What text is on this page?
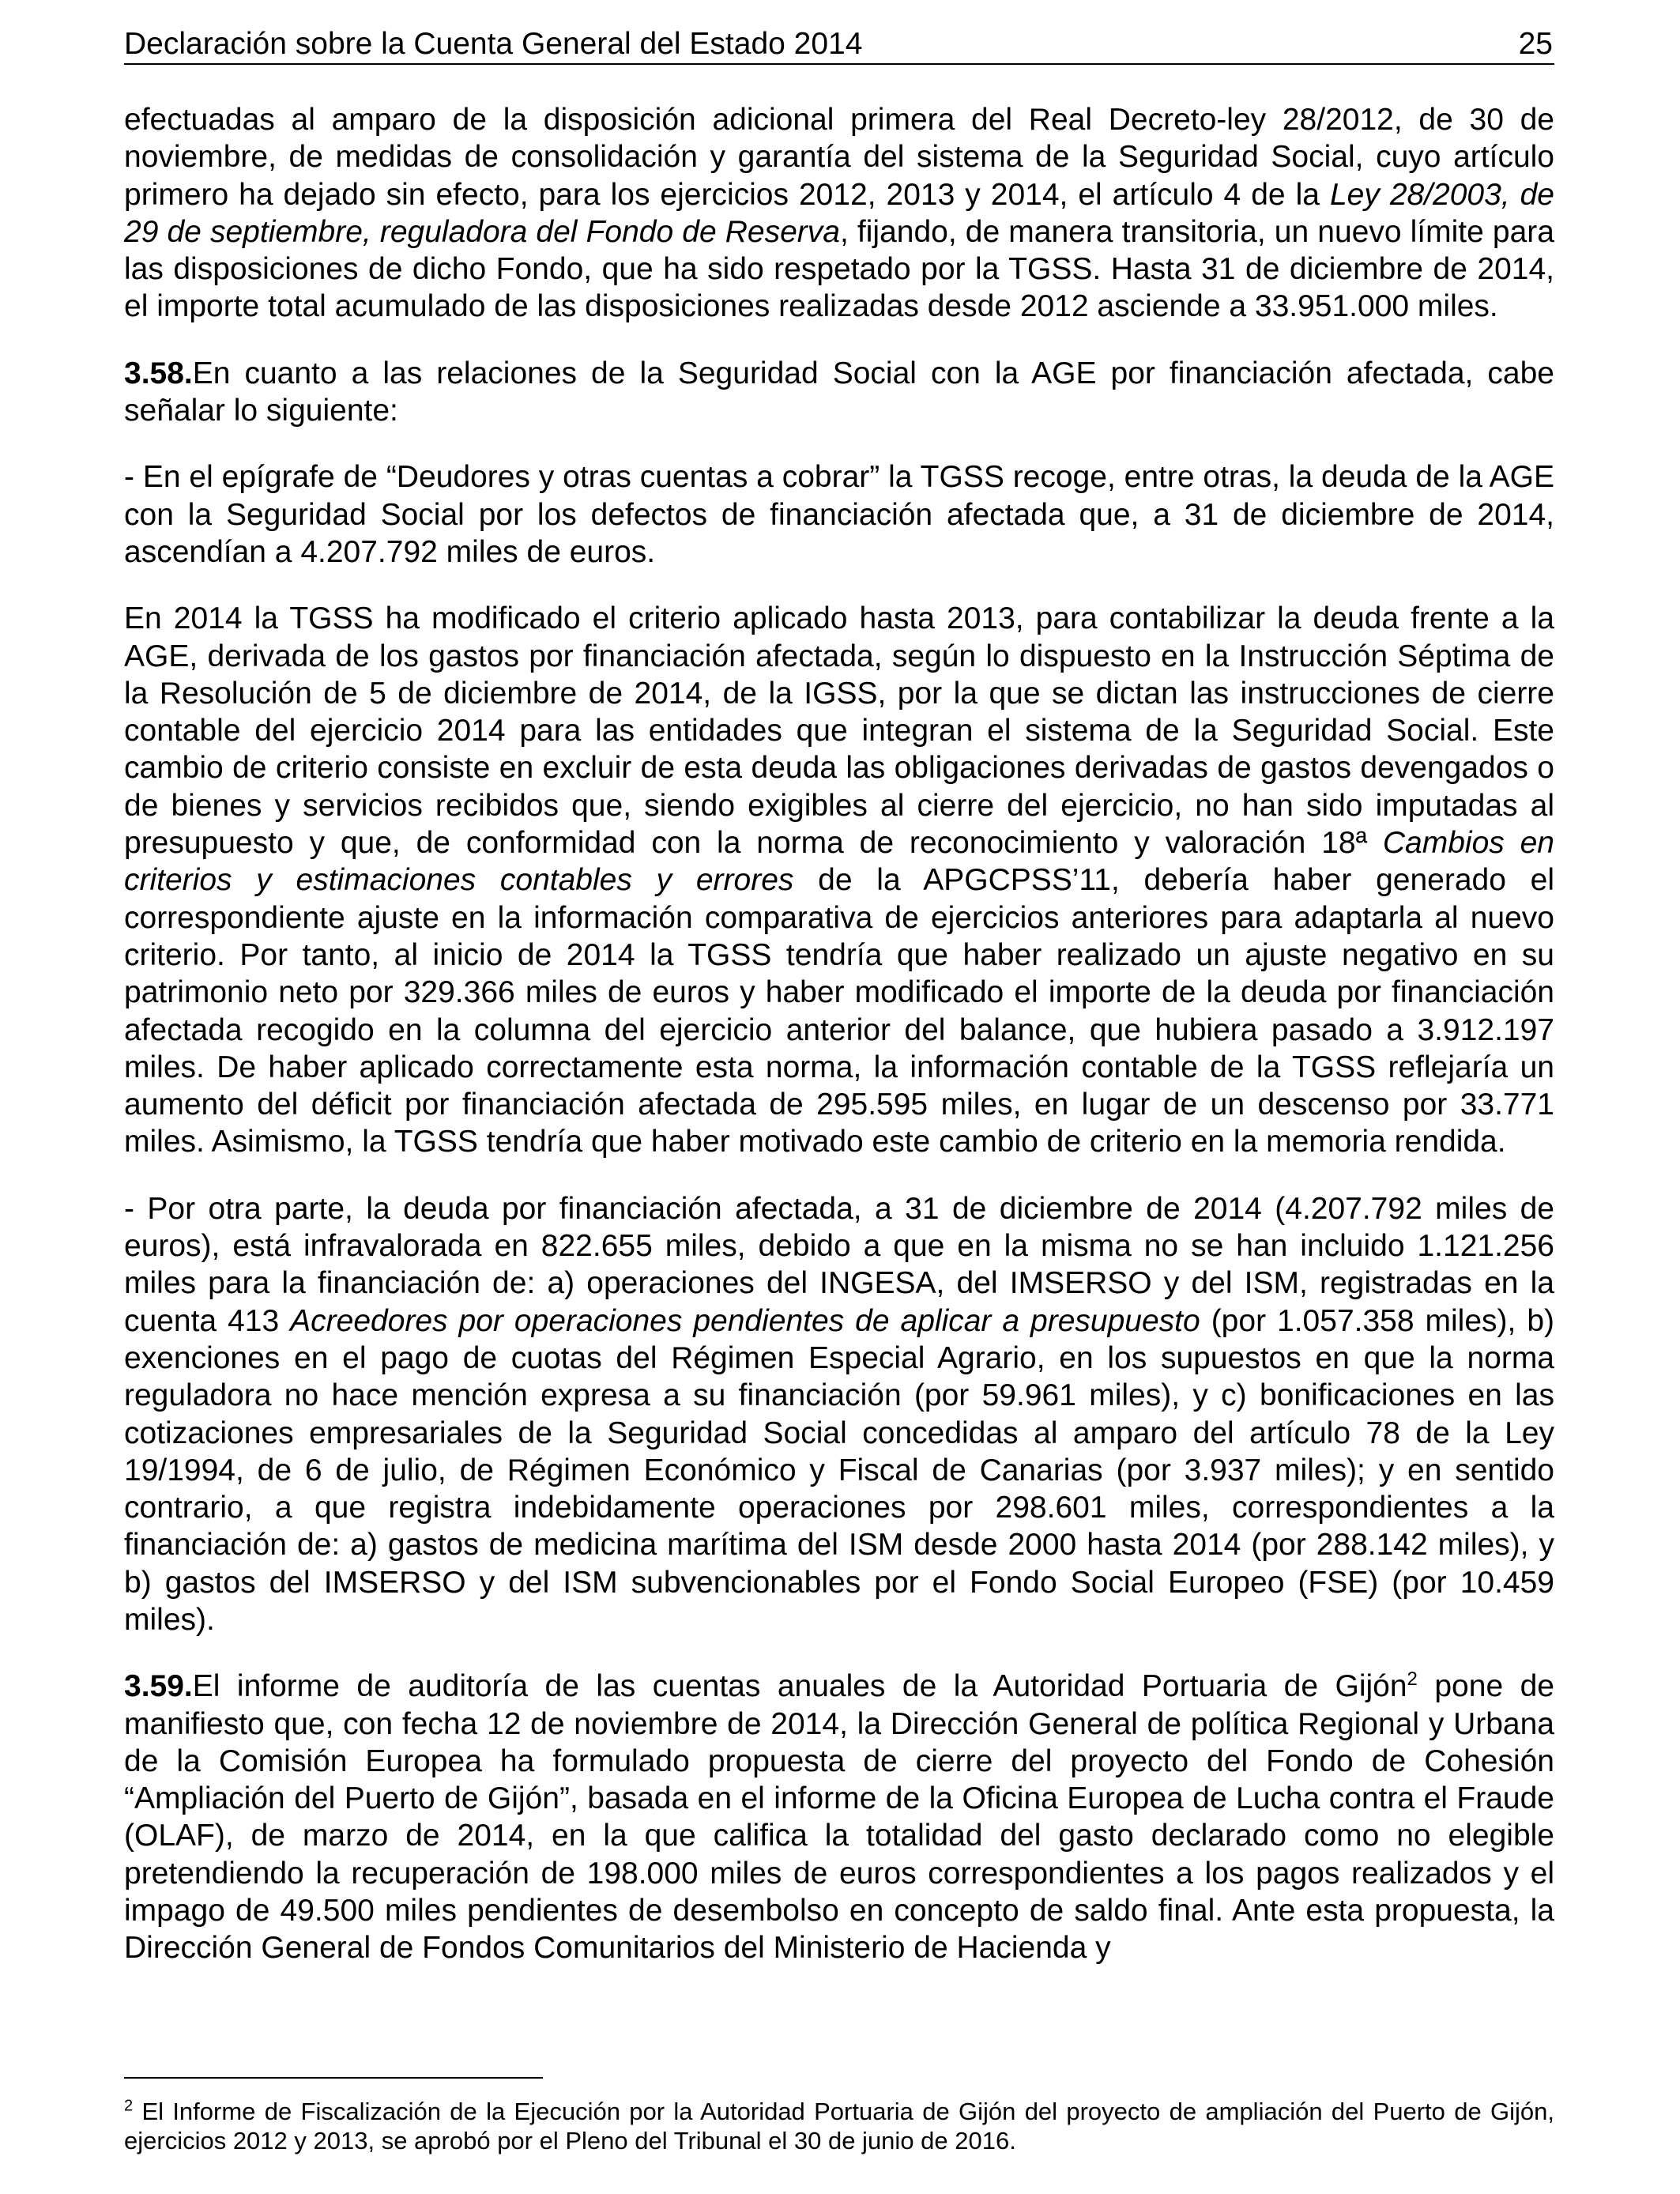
Declaración sobre la Cuenta General del Estado 2014	25

efectuadas al amparo de la disposición adicional primera del Real Decreto-ley 28/2012, de 30 de noviembre, de medidas de consolidación y garantía del sistema de la Seguridad Social, cuyo artículo primero ha dejado sin efecto, para los ejercicios 2012, 2013 y 2014, el artículo 4 de la Ley 28/2003, de 29 de septiembre, reguladora del Fondo de Reserva, fijando, de manera transitoria, un nuevo límite para las disposiciones de dicho Fondo, que ha sido respetado por la TGSS. Hasta 31 de diciembre de 2014, el importe total acumulado de las disposiciones realizadas desde 2012 asciende a 33.951.000 miles.

3.58.En cuanto a las relaciones de la Seguridad Social con la AGE por financiación afectada, cabe señalar lo siguiente:

- En el epígrafe de “Deudores y otras cuentas a cobrar” la TGSS recoge, entre otras, la deuda de la AGE con la Seguridad Social por los defectos de financiación afectada que, a 31 de diciembre de 2014, ascendían a 4.207.792 miles de euros.

En 2014 la TGSS ha modificado el criterio aplicado hasta 2013, para contabilizar la deuda frente a la AGE, derivada de los gastos por financiación afectada, según lo dispuesto en la Instrucción Séptima de la Resolución de 5 de diciembre de 2014, de la IGSS, por la que se dictan las instrucciones de cierre contable del ejercicio 2014 para las entidades que integran el sistema de la Seguridad Social. Este cambio de criterio consiste en excluir de esta deuda las obligaciones derivadas de gastos devengados o de bienes y servicios recibidos que, siendo exigibles al cierre del ejercicio, no han sido imputadas al presupuesto y que, de conformidad con la norma de reconocimiento y valoración 18ª Cambios en criterios y estimaciones contables y errores de la APGCPSS’11, debería haber generado el correspondiente ajuste en la información comparativa de ejercicios anteriores para adaptarla al nuevo criterio. Por tanto, al inicio de 2014 la TGSS tendría que haber realizado un ajuste negativo en su patrimonio neto por 329.366 miles de euros y haber modificado el importe de la deuda por financiación afectada recogido en la columna del ejercicio anterior del balance, que hubiera pasado a 3.912.197 miles. De haber aplicado correctamente esta norma, la información contable de la TGSS reflejaría un aumento del déficit por financiación afectada de 295.595 miles, en lugar de un descenso por 33.771 miles. Asimismo, la TGSS tendría que haber motivado este cambio de criterio en la memoria rendida.

- Por otra parte, la deuda por financiación afectada, a 31 de diciembre de 2014 (4.207.792 miles de euros), está infravalorada en 822.655 miles, debido a que en la misma no se han incluido 1.121.256 miles para la financiación de: a) operaciones del INGESA, del IMSERSO y del ISM, registradas en la cuenta 413 Acreedores por operaciones pendientes de aplicar a presupuesto (por 1.057.358 miles), b) exenciones en el pago de cuotas del Régimen Especial Agrario, en los supuestos en que la norma reguladora no hace mención expresa a su financiación (por 59.961 miles), y c) bonificaciones en las cotizaciones empresariales de la Seguridad Social concedidas al amparo del artículo 78 de la Ley 19/1994, de 6 de julio, de Régimen Económico y Fiscal de Canarias (por 3.937 miles); y en sentido contrario, a que registra indebidamente operaciones por 298.601 miles, correspondientes a la financiación de: a) gastos de medicina marítima del ISM desde 2000 hasta 2014 (por 288.142 miles), y b) gastos del IMSERSO y del ISM subvencionables por el Fondo Social Europeo (FSE) (por 10.459 miles).

3.59.El informe de auditoría de las cuentas anuales de la Autoridad Portuaria de Gijón$^2$ pone de manifiesto que, con fecha 12 de noviembre de 2014, la Dirección General de política Regional y Urbana de la Comisión Europea ha formulado propuesta de cierre del proyecto del Fondo de Cohesión “Ampliación del Puerto de Gijón”, basada en el informe de la Oficina Europea de Lucha contra el Fraude (OLAF), de marzo de 2014, en la que califica la totalidad del gasto declarado como no elegible pretendiendo la recuperación de 198.000 miles de euros correspondientes a los pagos realizados y el impago de 49.500 miles pendientes de desembolso en concepto de saldo final. Ante esta propuesta, la Dirección General de Fondos Comunitarios del Ministerio de Hacienda y

$^2$ El Informe de Fiscalización de la Ejecución por la Autoridad Portuaria de Gijón del proyecto de ampliación del Puerto de Gijón, ejercicios 2012 y 2013, se aprobó por el Pleno del Tribunal el 30 de junio de 2016.
